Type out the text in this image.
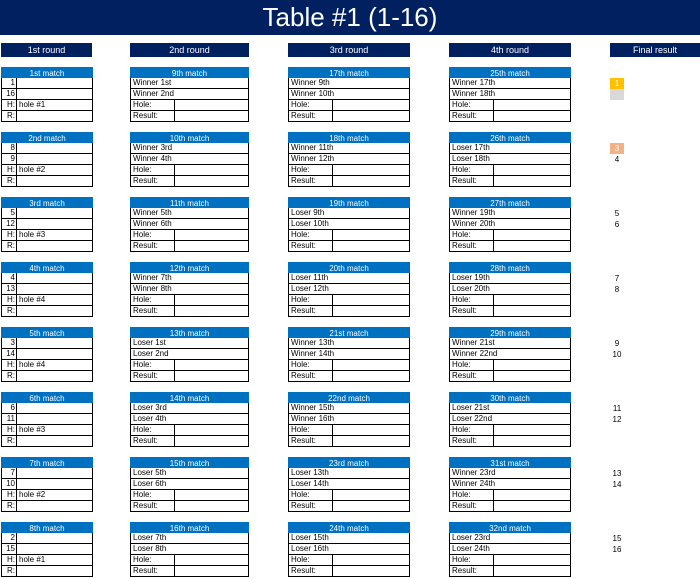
Table #1 (1-16)
1st round	2nd round	3rd round	4th round	Final result
1st match
1
16
H: hole #1
R:
2nd match
8
9
H: hole #2
R:
3rd match
5
12
H: hole #3
R:
4th match
4
13
H: hole #4
R:
5th match
3
14
H: hole #4
R:
6th match
6
11
H: hole #3
R:
7th match
7
10
H: hole #2
R:
8th match
2
15
H: hole #1
R:
9th match
Winner 1st
Winner 2nd
Hole:
Result:
10th match
Winner 3rd
Winner 4th
Hole:
Result:
11th match
Winner 5th
Winner 6th
Hole:
Result:
12th match
Winner 7th
Winner 8th
Hole:
Result:
13th match
Loser 1st
Loser 2nd
Hole:
Result:
14th match
Loser 3rd
Loser 4th
Hole:
Result:
15th match
Loser 5th
Loser 6th
Hole:
Result:
16th match
Loser 7th
Loser 8th
Hole:
Result:
17th match
Winner 9th
Winner 10th
Hole:
Result:
18th match
Winner 11th
Winner 12th
Hole:
Result:
19th match
Loser 9th
Loser 10th
Hole:
Result:
20th match
Loser 11th
Loser 12th
Hole:
Result:
21st match
Winner 13th
Winner 14th
Hole:
Result:
22nd match
Winner 15th
Winner 16th
Hole:
Result:
23rd match
Loser 13th
Loser 14th
Hole:
Result:
24th match
Loser 15th
Loser 16th
Hole:
Result:
25th match
Winner 17th
Winner 18th
Hole:
Result:
26th match
Loser 17th
Loser 18th
Hole:
Result:
27th match
Winner 19th
Winner 20th
Hole:
Result:
28th match
Loser 19th
Loser 20th
Hole:
Result:
29th match
Winner 21st
Winner 22nd
Hole:
Result:
30th match
Loser 21st
Loser 22nd
Hole:
Result:
31st match
Winner 23rd
Winner 24th
Hole:
Result:
32nd match
Loser 23rd
Loser 24th
Hole:
Result:
1
3
4
5
6
7
8
9
10
11
12
13
14
15
16
